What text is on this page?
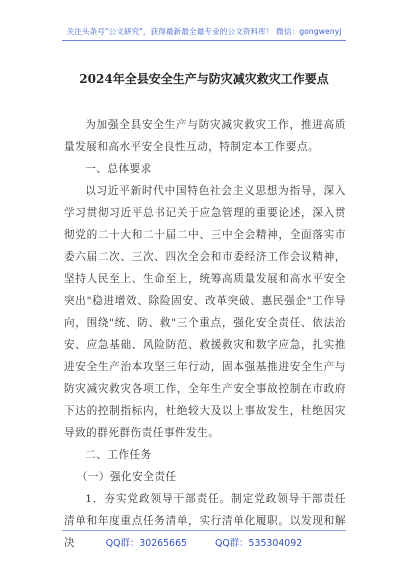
关注头条号"公文研究"，获得最新最全最专业的公文资料库！ 微信：gongwenyj
2024年全县安全生产与防灾减灾救灾工作要点

为加强全县安全生产与防灾减灾救灾工作，推进高质量发展和高水平安全良性互动，特制定本工作要点。

一、总体要求

以习近平新时代中国特色社会主义思想为指导，深入学习贯彻习近平总书记关于应急管理的重要论述，深入贯彻党的二十大和二十届二中、三中全会精神，全面落实市委六届二次、三次、四次全会和市委经济工作会议精神，坚持人民至上、生命至上，统筹高质量发展和高水平安全突出"稳进增效、除险固安、改革突破、惠民强企"工作导向，围绕"统、防、救"三个重点，强化安全责任、依法治安、应急基础、风险防范、救援救灾和数字应急，扎实推进安全生产治本攻坚三年行动，固本强基推进安全生产与防灾减灾救灾各项工作，全年生产安全事故控制在市政府下达的控制指标内，杜绝较大及以上事故发生，杜绝因灾导致的群死群伤责任事件发生。

二、工作任务

（一）强化安全责任

1．夯实党政领导干部责任。制定党政领导干部责任清单和年度重点任务清单，实行清单化履职。以发现和解决	QQ群：30265665	QQ群：535304092
